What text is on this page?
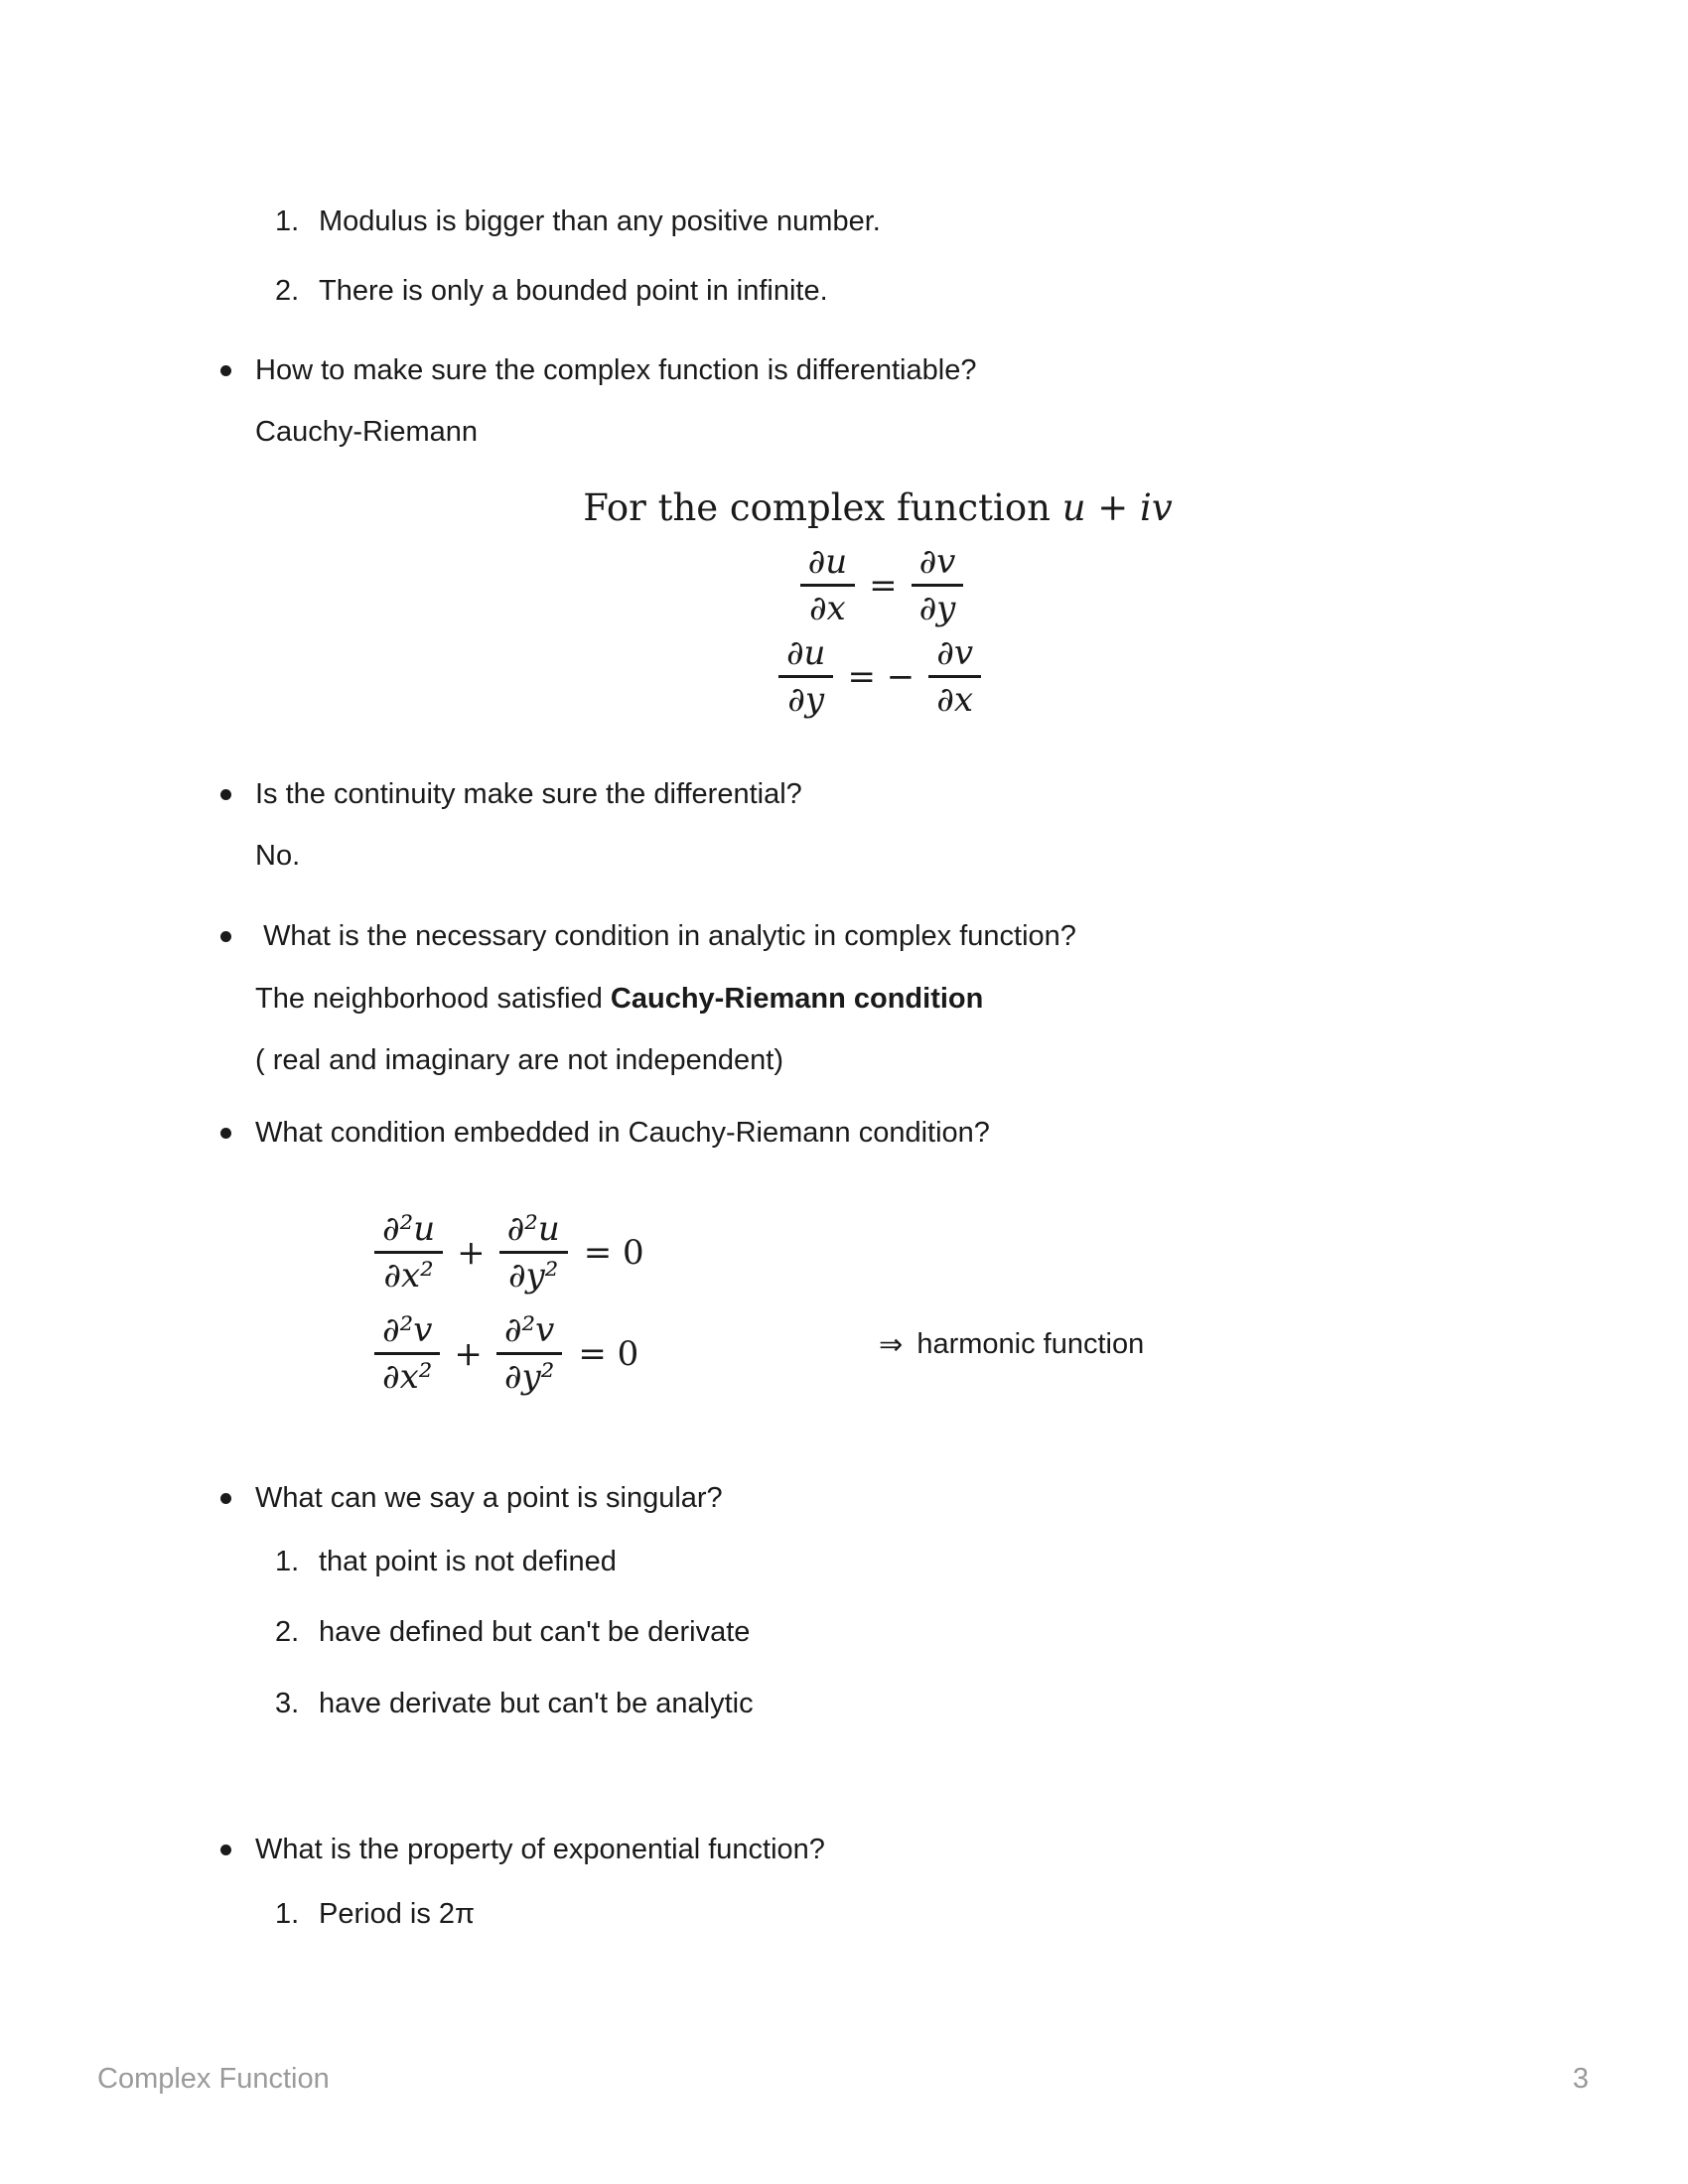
1. Modulus is bigger than any positive number.
2. There is only a bounded point in infinite.
How to make sure the complex function is differentiable?
Cauchy-Riemann
For the complex function u + iv
$\frac{\partial u}{\partial x} = \frac{\partial v}{\partial y}$
$\frac{\partial u}{\partial y}$ = − $\frac{\partial v}{\partial x}$
Is the continuity make sure the differential?
No.
What is the necessary condition in analytic in complex function?
The neighborhood satisfied Cauchy-Riemann condition
( real and imaginary are not independent)
What condition embedded in Cauchy-Riemann condition?
$\frac{\text{∂²u}}{\text{∂x²}} + \frac{\text{∂²u}}{\text{∂y²}} = 0$
$\frac{\text{∂²v}}{\text{∂x²}} + \frac{\text{∂²v}}{\text{∂y²}} = 0$	⇒ harmonic function
What can we say a point is singular?
1. that point is not defined
2. have defined but can't be derivate
3. have derivate but can't be analytic
What is the property of exponential function?
1. Period is 2π
Complex Function	3
